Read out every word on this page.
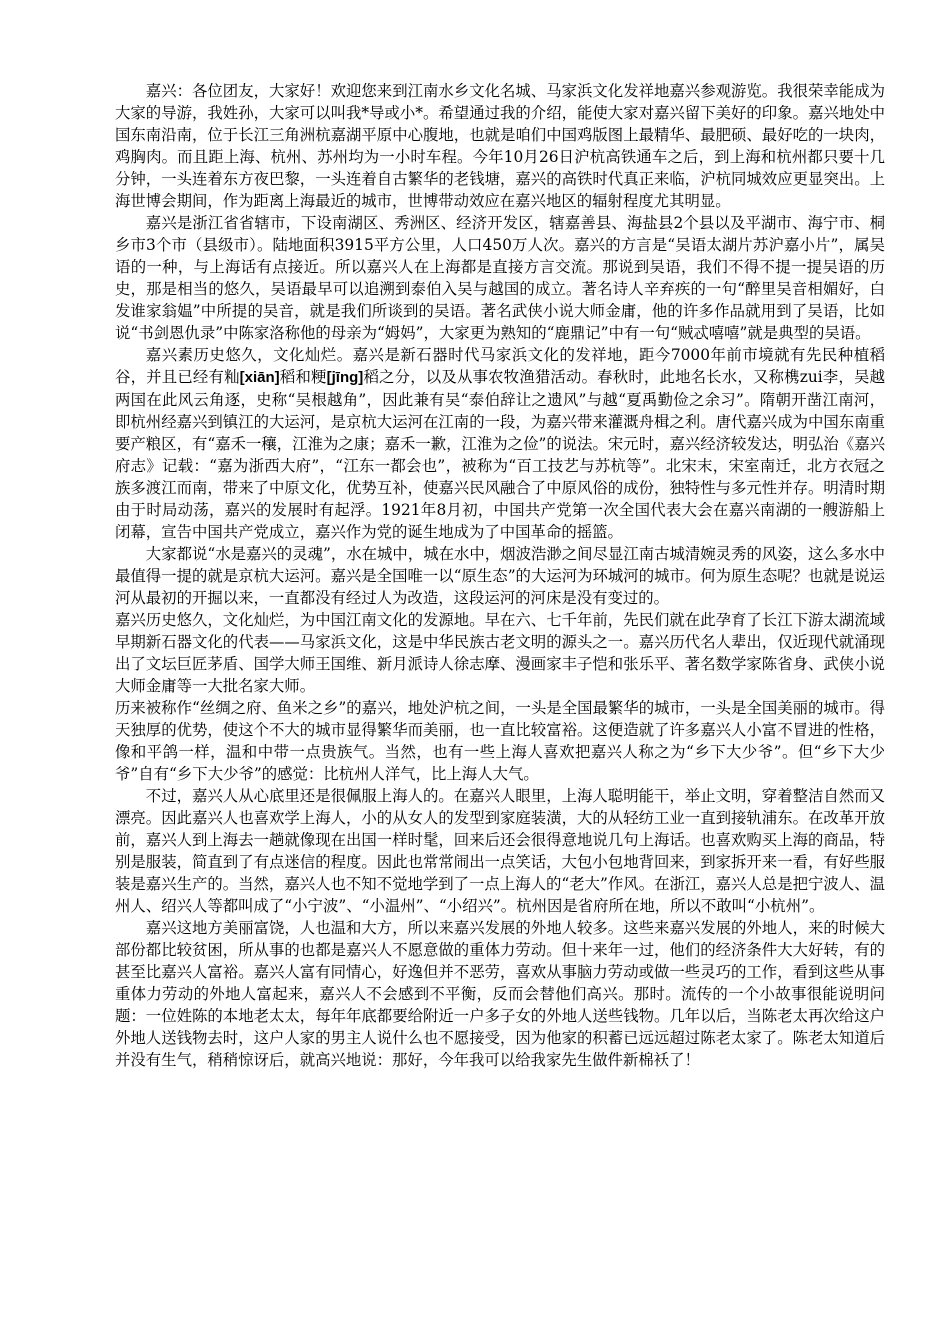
嘉兴：各位团友，大家好！欢迎您来到江南水乡文化名城、马家浜文化发祥地嘉兴参观游览。我很荣幸能成为大家的导游，我姓孙，大家可以叫我*导或小*。希望通过我的介绍，能使大家对嘉兴留下美好的印象。嘉兴地处中国东南沿南，位于长江三角洲杭嘉湖平原中心腹地，也就是咱们中国鸡版图上最精华、最肥硕、最好吃的一块肉，鸡胸肉。而且距上海、杭州、苏州均为一小时车程。今年10月26日沪杭高铁通车之后，到上海和杭州都只要十几分钟，一头连着东方夜巴黎，一头连着自古繁华的老钱塘，嘉兴的高铁时代真正来临，沪杭同城效应更显突出。上海世博会期间，作为距离上海最近的城市，世博带动效应在嘉兴地区的辐射程度尤其明显。

嘉兴是浙江省省辖市，下设南湖区、秀洲区、经济开发区，辖嘉善县、海盐县2个县以及平湖市、海宁市、桐乡市3个市（县级市）。陆地面积3915平方公里，人口450万人次。嘉兴的方言是“吴语太湖片苏沪嘉小片”，属吴语的一种，与上海话有点接近。所以嘉兴人在上海都是直接方言交流。那说到吴语，我们不得不提一提吴语的历史，那是相当的悠久，吴语最早可以追溯到泰伯入吴与越国的成立。著名诗人辛弃疾的一句“醉里吴音相媚好，白发谁家翁媪”中所提的吴音，就是我们所谈到的吴语。著名武侠小说大师金庸，他的许多作品就用到了吴语，比如说“书剑恩仇录”中陈家洛称他的母亲为“姆妈”，大家更为熟知的“鹿鼎记”中有一句“贼忒嘻嘻”就是典型的吴语。

嘉兴素历史悠久，文化灿烂。嘉兴是新石器时代马家浜文化的发祥地，距今7000年前市境就有先民种植稻谷，并且已经有籼[xiān]稻和粳[jīng]稻之分，以及从事农牧渔猎活动。春秋时，此地名长水，又称槜zui李，吴越两国在此风云角逐，史称“吴根越角”，因此兼有吴“泰伯辞让之遗风”与越“夏禹勤俭之余习”。隋朝开凿江南河，即杭州经嘉兴到镇江的大运河，是京杭大运河在江南的一段，为嘉兴带来灌溉舟楫之利。唐代嘉兴成为中国东南重要产粮区，有“嘉禾一穰，江淮为之康；嘉禾一歉，江淮为之俭”的说法。宋元时，嘉兴经济较发达，明弘治《嘉兴府志》记载：“嘉为浙西大府”，“江东一都会也”，被称为“百工技艺与苏杭等”。北宋末，宋室南迁，北方衣冠之族多渡江而南，带来了中原文化，优势互补，使嘉兴民风融合了中原风俗的成份，独特性与多元性并存。明清时期由于时局动荡，嘉兴的发展时有起浮。1921年8月初，中国共产党第一次全国代表大会在嘉兴南湖的一艘游船上闭幕，宣告中国共产党成立，嘉兴作为党的诞生地成为了中国革命的摇篮。

大家都说“水是嘉兴的灵魂”，水在城中，城在水中，烟波浩渺之间尽显江南古城清婉灵秀的风姿，这么多水中最值得一提的就是京杭大运河。嘉兴是全国唯一以“原生态”的大运河为环城河的城市。何为原生态呢？也就是说运河从最初的开掘以来，一直都没有经过人为改造，这段运河的河床是没有变过的。

嘉兴历史悠久，文化灿烂，为中国江南文化的发源地。早在六、七千年前，先民们就在此孕育了长江下游太湖流域早期新石器文化的代表——马家浜文化，这是中华民族古老文明的源头之一。嘉兴历代名人辈出，仅近现代就涌现出了文坛巨匠茅盾、国学大师王国维、新月派诗人徐志摩、漫画家丰子恺和张乐平、著名数学家陈省身、武侠小说大师金庸等一大批名家大师。

历来被称作“丝绸之府、鱼米之乡”的嘉兴，地处沪杭之间，一头是全国最繁华的城市，一头是全国美丽的城市。得天独厚的优势，使这个不大的城市显得繁华而美丽，也一直比较富裕。这便造就了许多嘉兴人小富不冒进的性格，像和平鸽一样，温和中带一点贵族气。当然，也有一些上海人喜欢把嘉兴人称之为“乡下大少爷”。但“乡下大少爷”自有“乡下大少爷”的感觉：比杭州人洋气，比上海人大气。

不过，嘉兴人从心底里还是很佩服上海人的。在嘉兴人眼里，上海人聪明能干，举止文明，穿着整洁自然而又漂亮。因此嘉兴人也喜欢学上海人，小的从女人的发型到家庭装潢，大的从轻纺工业一直到接轨浦东。在改革开放前，嘉兴人到上海去一趟就像现在出国一样时髦，回来后还会很得意地说几句上海话。也喜欢购买上海的商品，特别是服装，简直到了有点迷信的程度。因此也常常闹出一点笑话，大包小包地背回来，到家拆开来一看，有好些服装是嘉兴生产的。当然，嘉兴人也不知不觉地学到了一点上海人的“老大”作风。在浙江，嘉兴人总是把宁波人、温州人、绍兴人等都叫成了“小宁波”、“小温州”、“小绍兴”。杭州因是省府所在地，所以不敢叫“小杭州”。

嘉兴这地方美丽富饶，人也温和大方，所以来嘉兴发展的外地人较多。这些来嘉兴发展的外地人，来的时候大部份都比较贫困，所从事的也都是嘉兴人不愿意做的重体力劳动。但十来年一过，他们的经济条件大大好转，有的甚至比嘉兴人富裕。嘉兴人富有同情心，好逸但并不恶劳，喜欢从事脑力劳动或做一些灵巧的工作，看到这些从事重体力劳动的外地人富起来，嘉兴人不会感到不平衡，反而会替他们高兴。那时。流传的一个小故事很能说明问题：一位姓陈的本地老太太，每年年底都要给附近一户多子女的外地人送些钱物。几年以后，当陈老太再次给这户外地人送钱物去时，这户人家的男主人说什么也不愿接受，因为他家的积蓄已远远超过陈老太家了。陈老太知道后并没有生气，稍稍惊讶后，就高兴地说：那好，今年我可以给我家先生做件新棉袄了！
